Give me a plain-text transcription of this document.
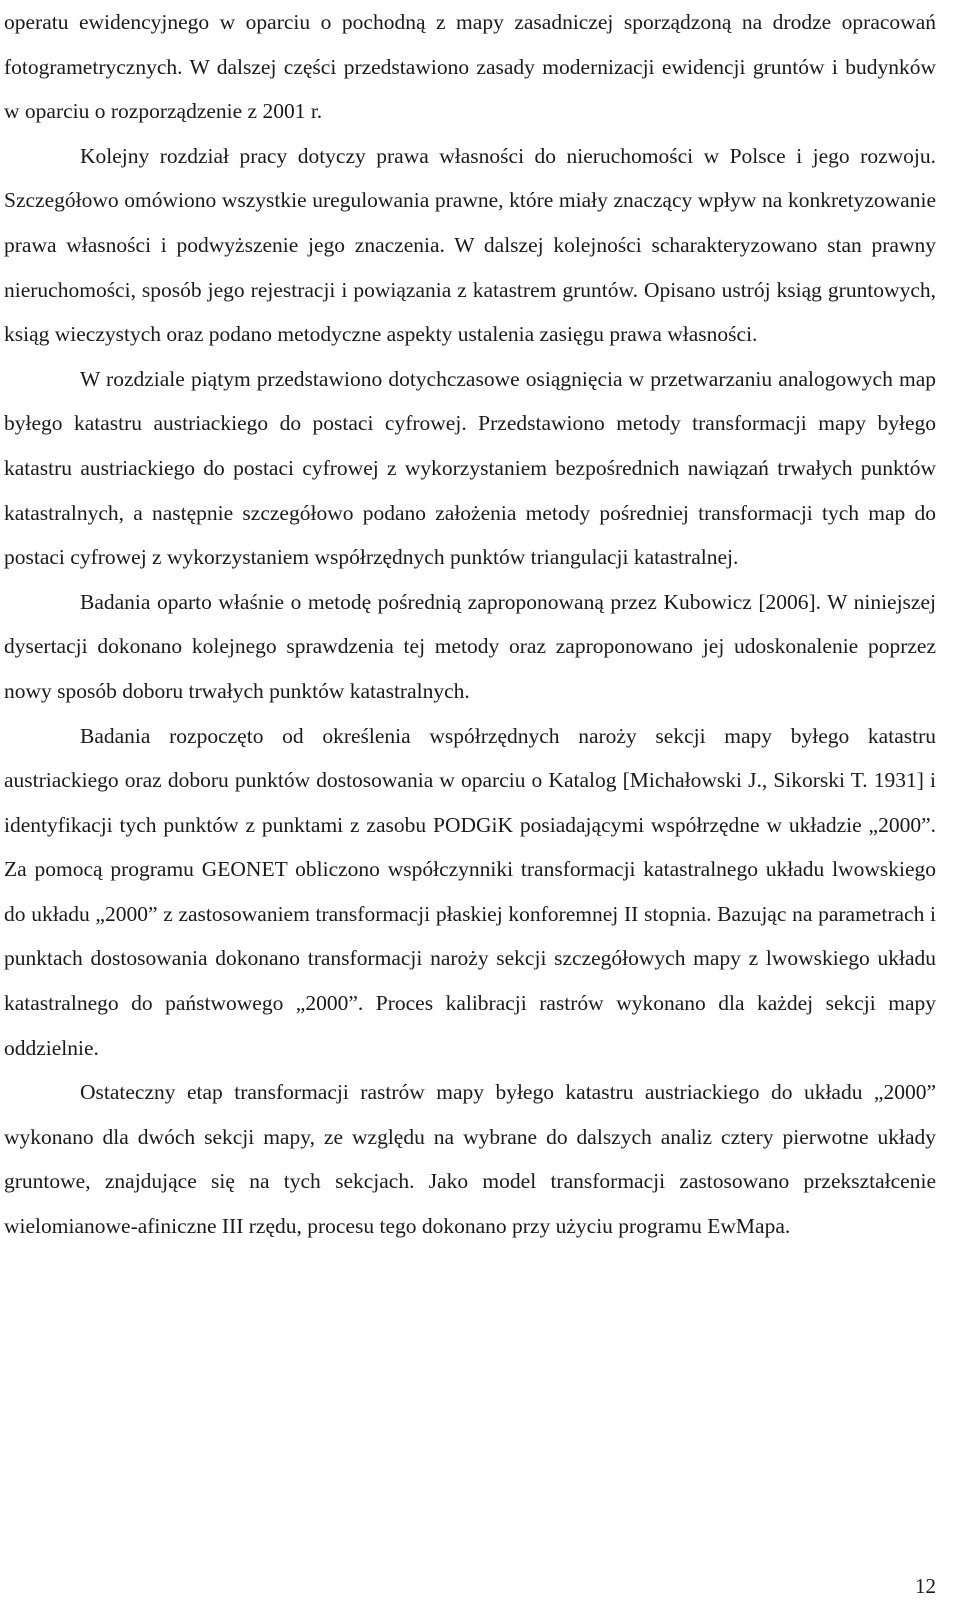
operatu ewidencyjnego w oparciu o pochodną z mapy zasadniczej sporządzoną na drodze opracowań fotogrametrycznych. W dalszej części przedstawiono zasady modernizacji ewidencji gruntów i budynków w oparciu o rozporządzenie z 2001 r.

Kolejny rozdział pracy dotyczy prawa własności do nieruchomości w Polsce i jego rozwoju. Szczegółowo omówiono wszystkie uregulowania prawne, które miały znaczący wpływ na konkretyzowanie prawa własności i podwyższenie jego znaczenia. W dalszej kolejności scharakteryzowano stan prawny nieruchomości, sposób jego rejestracji i powiązania z katastrem gruntów. Opisano ustrój ksiąg gruntowych, ksiąg wieczystych oraz podano metodyczne aspekty ustalenia zasięgu prawa własności.

W rozdziale piątym przedstawiono dotychczasowe osiągnięcia w przetwarzaniu analogowych map byłego katastru austriackiego do postaci cyfrowej. Przedstawiono metody transformacji mapy byłego katastru austriackiego do postaci cyfrowej z wykorzystaniem bezpośrednich nawiązań trwałych punktów katastralnych, a następnie szczegółowo podano założenia metody pośredniej transformacji tych map do postaci cyfrowej z wykorzystaniem współrzędnych punktów triangulacji katastralnej.

Badania oparto właśnie o metodę pośrednią zaproponowaną przez Kubowicz [2006]. W niniejszej dysertacji dokonano kolejnego sprawdzenia tej metody oraz zaproponowano jej udoskonalenie poprzez nowy sposób doboru trwałych punktów katastralnych.

Badania rozpoczęto od określenia współrzędnych naroży sekcji mapy byłego katastru austriackiego oraz doboru punktów dostosowania w oparciu o Katalog [Michałowski J., Sikorski T. 1931] i identyfikacji tych punktów z punktami z zasobu PODGiK posiadającymi współrzędne w układzie „2000”. Za pomocą programu GEONET obliczono współczynniki transformacji katastralnego układu lwowskiego do układu „2000” z zastosowaniem transformacji płaskiej konforemnej II stopnia. Bazując na parametrach i punktach dostosowania dokonano transformacji naroży sekcji szczegółowych mapy z lwowskiego układu katastralnego do państwowego „2000”. Proces kalibracji rastrów wykonano dla każdej sekcji mapy oddzielnie.

Ostateczny etap transformacji rastrów mapy byłego katastru austriackiego do układu „2000” wykonano dla dwóch sekcji mapy, ze względu na wybrane do dalszych analiz cztery pierwotne układy gruntowe, znajdujące się na tych sekcjach. Jako model transformacji zastosowano przekształcenie wielomianowe-afiniczne III rzędu, procesu tego dokonano przy użyciu programu EwMapa.

12
